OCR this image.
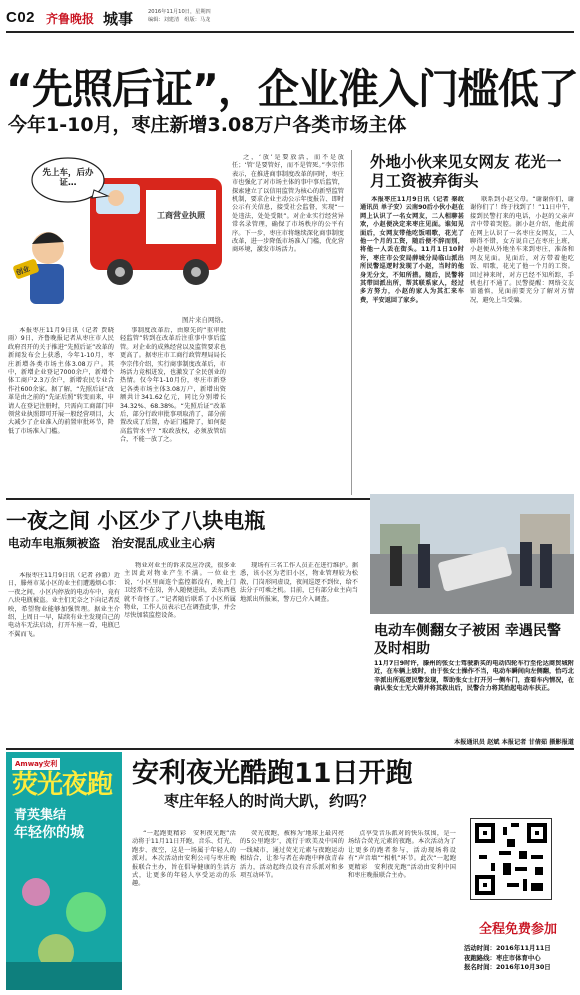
C02 齐鲁晚报 城事	2016年11月10日，星期四
编辑：刘建清　组版：马龙
“先照后证”，企业准入门槛低了
今年1-10月，枣庄新增3.08万户各类市场主体
先上车，后办证…
工商营业执照
创业
图片来自网络。

本报枣庄11月9日讯（记者 贾晓雨）9日，齐鲁晚报记者从枣庄市人民政府召开的关于推进“先照后证”改革的新闻发布会上获悉，今年1-10月，枣庄新增各类市场主体3.08万户。其中，新增企业登记7000余户，新增个体工商户2.3万余户，新增农民专业合作社600余家。据了解，“先照后证”改革是由之前的“先证后照”转变而来，申请人在登记注册时，只需向工商部门申领营业执照即可开展一般经营项目，大大减少了企业准入的前置审批环节，降低了市场准入门槛。

事制度改革后，由原先的“重审批轻监管”转到在改革后注重事中事后监管。对企业的成熟经营以及监管要求也更高了。据枣庄市工商行政管理局局长李宗伟介绍，实行商事制度改革后，市场活力竞相迸发，也激发了全民创业的热情。仅今年1-10月份，枣庄市新登记各类市场主体3.08万户，新增出资额共计341.62亿元，同比分别增长34.32%、68.38%。“先照后证”改革后，部分行政审批事项取消了，部分前置改成了后置，办证门槛降了，如何提高监管水平？“取政放权，必须放管结合，不能一放了之。

之，‘放’是要放活，而不是放任；‘管’是要管好，而不是管死。”李宗伟表示，在推进商事制度改革的同时，枣庄市也强化了对市场主体的事中事后监管，探索建立了以信用监管为核心的新型监管机制，要求企业主动公示年度报告、即时公示有关信息，接受社会监督，实现“一处违法，处处受限”。对企业实行经营异常名录管理，确保了市场秩序的公平有序。下一步，枣庄市将继续深化商事制度改革，进一步降低市场准入门槛，优化营商环境，激发市场活力。

外地小伙来见女网友 花光一月工资被弃街头

本报枣庄11月9日讯（记者 秦政 通讯员 单子安）云南90后小伙小赵在网上认识了一名女网友，二人相聊甚欢，小赵便决定来枣庄见面。谁知见面后，女网友带他吃饭唱歌，花光了他一个月的工资，随后便不辞而别，将他一人丢在街头。11月1日10时许，枣庄市公安局薛城分局临山派出所民警巡逻时发现了小赵，当时的他身无分文，不知所措。随后，民警将其带回派出所，帮其联系家人，经过多方努力，小赵的家人为其汇来车费，平安返回了家乡。

联系到小赵父母。“谢谢你们，谢谢你们了！终于找到了！”11日中午，接到民警打来的电话，小赵的父亲声音中带着哭腔。据小赵介绍，他此前在网上认识了一名枣庄女网友，二人聊得不错，女方说自己在枣庄上班，小赵便从外地坐车来到枣庄，准备和网友见面。见面后，对方带着他吃饭、唱歌，花光了他一个月的工资。回过神来时，对方已经不知所踪，手机也打不通了。民警提醒：网络交友需谨慎，见面前要充分了解对方情况，避免上当受骗。

一夜之间 小区少了八块电瓶
电动车电瓶频被盗　治安混乱成业主心病

本报枣庄11月9日讯（记者 孙澈）近日，滕州市某小区的业主们遭遇烦心事：一夜之间，小区内停放的电动车中，竟有八块电瓶被盗。业主们无奈之下向记者反映，希望物业能够加强管理。据业主介绍，上周日一早，陆续有业主发现自己的电动车无法启动，打开车座一看，电瓶已不翼而飞。

物业对业主的诉求反应冷淡，很多业主因此对物业产生不满。一位业主说，‘小区里面连个监控都没有，晚上门卫经常不在岗，外人随便进出，丢东西也就不奇怪了。’”记者随后联系了小区所属物业，工作人员表示已在调查此事，并会尽快加装监控设备。

现场有三名工作人员正在进行维护。据悉，该小区为老旧小区，物业管理较为松散，门岗形同虚设，夜间巡逻不到位，给不法分子可乘之机。目前，已有部分业主向当地派出所报案，警方已介入调查。

电动车侧翻女子被困 幸遇民警及时相助
11月7日9时许，滕州的张女士驾驶新买的电动四轮车行至伦达商贸城附近，在车辆上坡时，由于张女士操作不当，电动车瞬间向左侧翻，恰巧北辛派出所巡逻民警发现，帮助张女士打开另一侧车门，查看车内情况，在确认张女士无大碍并将其救出后，民警合力将其抬起电动车扶正。
本报通讯员 赵斌 本报记者 甘倩茹 摄影报道
Amway安利
荧光夜跑
青英集结
年轻你的城
安利夜光酷跑11日开跑
枣庄年轻人的时尚大趴，约吗？

“一起跑更精彩　安利夜光跑”活动将于11月11日开跑，音乐、灯光、跑步、夜空，这是一场属于年轻人的派对。本次活动由安利公司与枣庄晚报联合主办，旨在倡导健康的生活方式，让更多的年轻人享受运动的乐趣。

荧光夜跑，被称为‘地球上最闪亮的5公里跑步’，流行于欧美及中国的一线城市，通过荧光元素与夜跑运动相结合，让参与者在奔跑中释放青春活力，活动起终点设有音乐派对和多项互动环节。

点享受音乐派对的快乐氛围，是一场结合荧光元素的夜跑。本次活动为了让更多的跑者参与，活动现场将设有“声音墙”“相机”环节。此次“一起跑更精彩　安利夜光跑”活动由安利中国和枣庄晚报联合主办。

全程免费参加
活动时间：2016年11月11日
夜跑路线：枣庄市体育中心
报名时间：2016年10月30日
